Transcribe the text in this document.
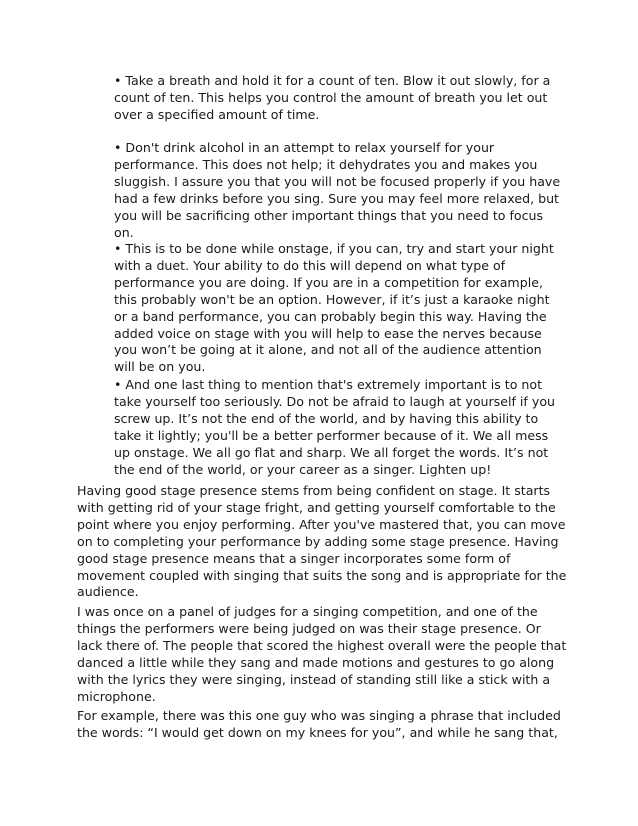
• Take a breath and hold it for a count of ten. Blow it out slowly, for a count of ten. This helps you control the amount of breath you let out over a specified amount of time.

• Don't drink alcohol in an attempt to relax yourself for your performance. This does not help; it dehydrates you and makes you sluggish. I assure you that you will not be focused properly if you have had a few drinks before you sing. Sure you may feel more relaxed, but you will be sacrificing other important things that you need to focus on.

• This is to be done while onstage, if you can, try and start your night with a duet. Your ability to do this will depend on what type of performance you are doing. If you are in a competition for example, this probably won't be an option. However, if it’s just a karaoke night or a band performance, you can probably begin this way. Having the added voice on stage with you will help to ease the nerves because you won’t be going at it alone, and not all of the audience attention will be on you.

• And one last thing to mention that's extremely important is to not take yourself too seriously. Do not be afraid to laugh at yourself if you screw up. It’s not the end of the world, and by having this ability to take it lightly; you'll be a better performer because of it. We all mess up onstage. We all go flat and sharp. We all forget the words. It’s not the end of the world, or your career as a singer. Lighten up!

Having good stage presence stems from being confident on stage. It starts with getting rid of your stage fright, and getting yourself comfortable to the point where you enjoy performing. After you've mastered that, you can move on to completing your performance by adding some stage presence. Having good stage presence means that a singer incorporates some form of movement coupled with singing that suits the song and is appropriate for the audience.

I was once on a panel of judges for a singing competition, and one of the things the performers were being judged on was their stage presence. Or lack there of. The people that scored the highest overall were the people that danced a little while they sang and made motions and gestures to go along with the lyrics they were singing, instead of standing still like a stick with a microphone.

For example, there was this one guy who was singing a phrase that included the words: “I would get down on my knees for you”, and while he sang that,
